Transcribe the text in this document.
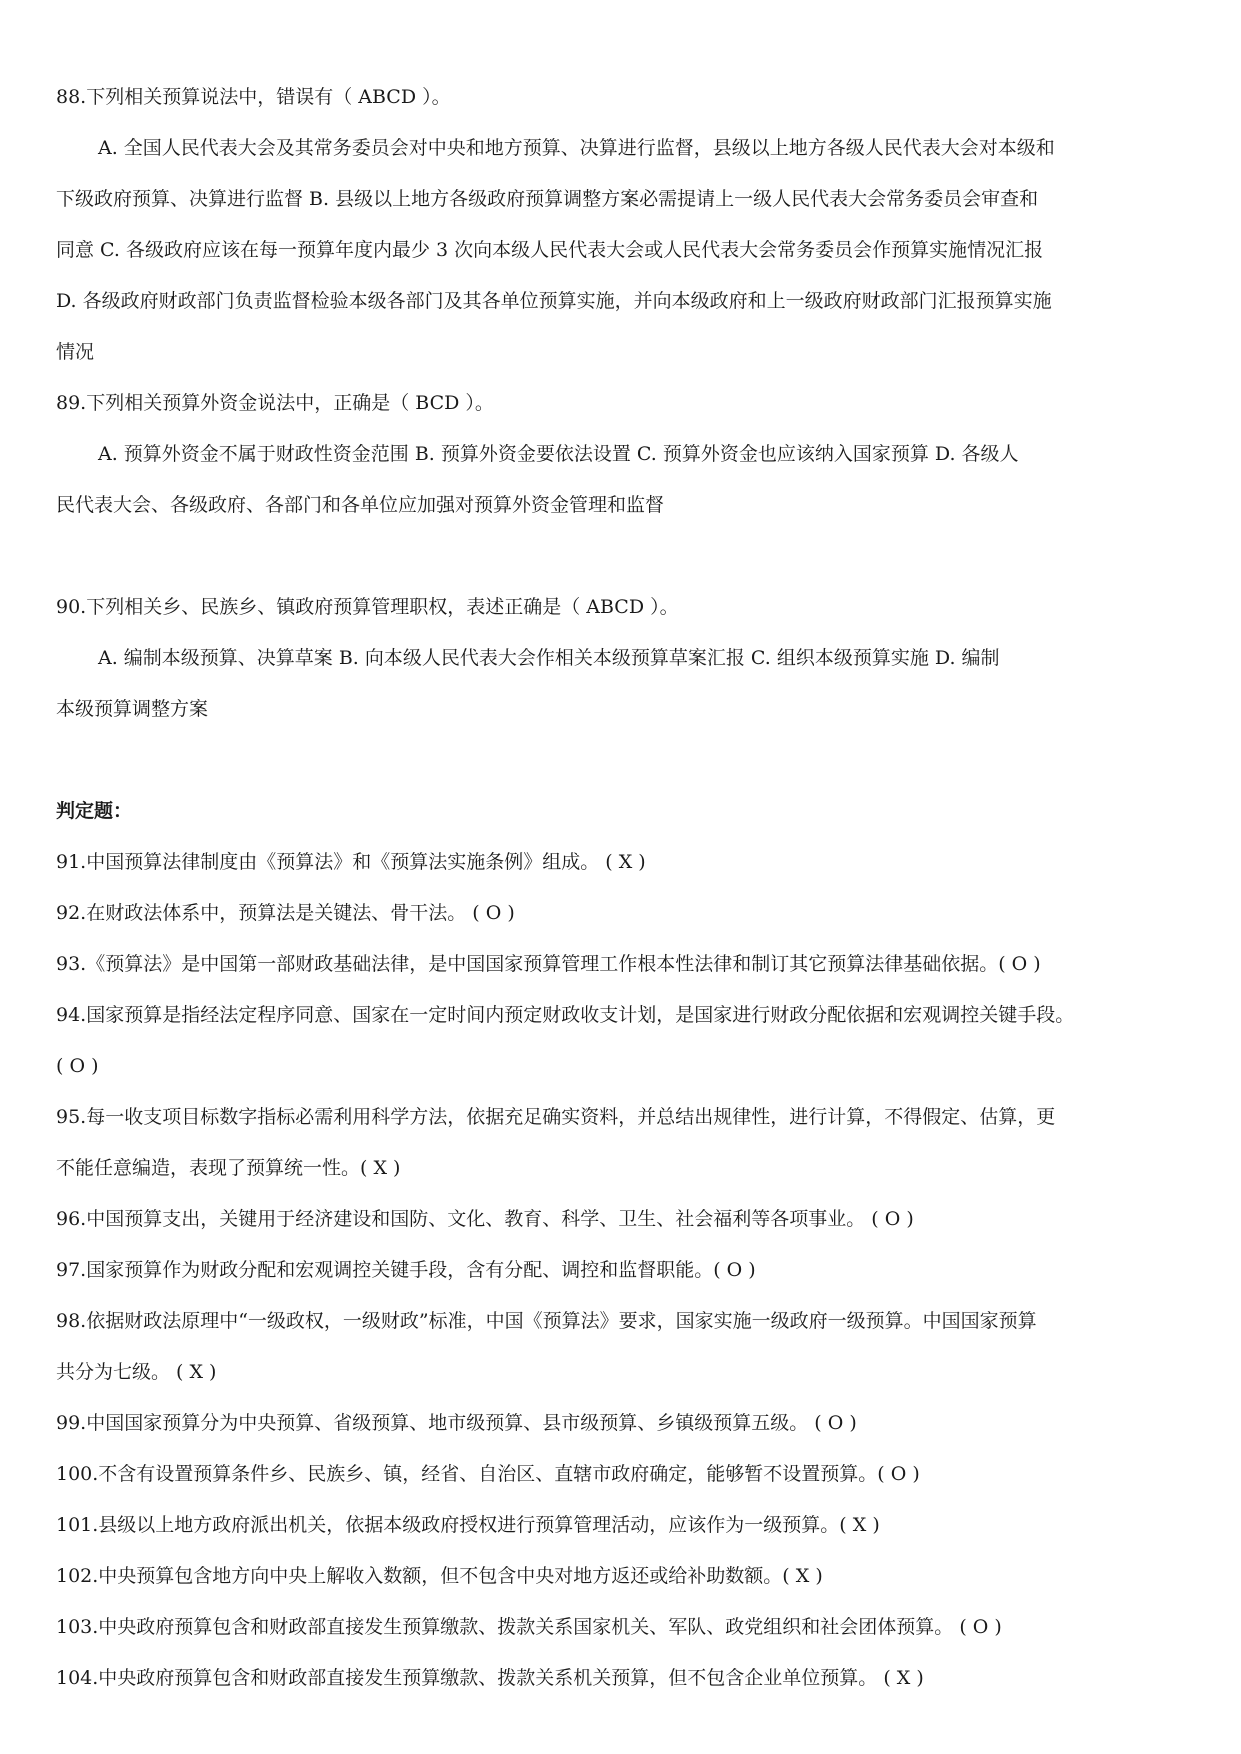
88.下列相关预算说法中，错误有（ ABCD ）。
A. 全国人民代表大会及其常务委员会对中央和地方预算、决算进行监督，县级以上地方各级人民代表大会对本级和
下级政府预算、决算进行监督 B. 县级以上地方各级政府预算调整方案必需提请上一级人民代表大会常务委员会审查和
同意 C. 各级政府应该在每一预算年度内最少 3 次向本级人民代表大会或人民代表大会常务委员会作预算实施情况汇报
D. 各级政府财政部门负责监督检验本级各部门及其各单位预算实施，并向本级政府和上一级政府财政部门汇报预算实施
情况
89.下列相关预算外资金说法中，正确是（ BCD ）。
A. 预算外资金不属于财政性资金范围 B. 预算外资金要依法设置 C. 预算外资金也应该纳入国家预算 D. 各级人
民代表大会、各级政府、各部门和各单位应加强对预算外资金管理和监督
90.下列相关乡、民族乡、镇政府预算管理职权，表述正确是（ ABCD ）。
A. 编制本级预算、决算草案 B. 向本级人民代表大会作相关本级预算草案汇报 C. 组织本级预算实施 D. 编制
本级预算调整方案
判定题：
91.中国预算法律制度由《预算法》和《预算法实施条例》组成。 ( X )
92.在财政法体系中，预算法是关键法、骨干法。 ( O )
93.《预算法》是中国第一部财政基础法律，是中国国家预算管理工作根本性法律和制订其它预算法律基础依据。( O )
94.国家预算是指经法定程序同意、国家在一定时间内预定财政收支计划，是国家进行财政分配依据和宏观调控关键手段。
( O )
95.每一收支项目标数字指标必需利用科学方法，依据充足确实资料，并总结出规律性，进行计算，不得假定、估算，更
不能任意编造，表现了预算统一性。( X )
96.中国预算支出，关键用于经济建设和国防、文化、教育、科学、卫生、社会福利等各项事业。 ( O )
97.国家预算作为财政分配和宏观调控关键手段，含有分配、调控和监督职能。( O )
98.依据财政法原理中“一级政权，一级财政”标准，中国《预算法》要求，国家实施一级政府一级预算。中国国家预算
共分为七级。 ( X )
99.中国国家预算分为中央预算、省级预算、地市级预算、县市级预算、乡镇级预算五级。 ( O )
100.不含有设置预算条件乡、民族乡、镇，经省、自治区、直辖市政府确定，能够暂不设置预算。( O )
101.县级以上地方政府派出机关，依据本级政府授权进行预算管理活动，应该作为一级预算。( X )
102.中央预算包含地方向中央上解收入数额，但不包含中央对地方返还或给补助数额。( X )
103.中央政府预算包含和财政部直接发生预算缴款、拨款关系国家机关、军队、政党组织和社会团体预算。 ( O )
104.中央政府预算包含和财政部直接发生预算缴款、拨款关系机关预算，但不包含企业单位预算。 ( X )
